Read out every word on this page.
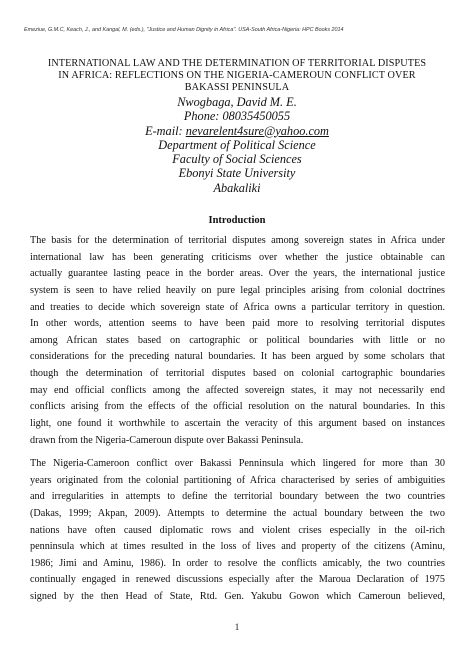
Emeziue, G.M.C, Keach, J., and Kangal, M. (eds.), "Justice and Human Dignity in Africa". USA-South Africa-Nigeria: HPC Books 2014
INTERNATIONAL LAW AND THE DETERMINATION OF TERRITORIAL DISPUTES
IN AFRICA: REFLECTIONS ON THE NIGERIA-CAMEROUN CONFLICT OVER
BAKASSI PENINSULA
Nwogbaga, David M. E.
Phone: 08035450055
E-mail: nevarelent4sure@yahoo.com
Department of Political Science
Faculty of Social Sciences
Ebonyi State University
Abakaliki
Introduction
The basis for the determination of territorial disputes among sovereign states in Africa under
international law has been generating criticisms over whether the justice obtainable can
actually guarantee lasting peace in the border areas. Over the years, the international justice
system is seen to have relied heavily on pure legal principles arising from colonial doctrines
and treaties to decide which sovereign state of Africa owns a particular territory in question.
In other words, attention seems to have been paid more to resolving territorial disputes
among African states based on cartographic or political boundaries with little or no
considerations for the preceding natural boundaries. It has been argued by some scholars that
though the determination of territorial disputes based on colonial cartographic boundaries
may end official conflicts among the affected sovereign states, it may not necessarily end
conflicts arising from the effects of the official resolution on the natural boundaries. In this
light, one found it worthwhile to ascertain the veracity of this argument based on instances
drawn from the Nigeria-Cameroun dispute over Bakassi Peninsula.
The Nigeria-Cameroon conflict over Bakassi Penninsula which lingered for more than 30
years originated from the colonial partitioning of Africa characterised by series of ambiguities
and irregularities in attempts to define the territorial boundary between the two countries
(Dakas, 1999; Akpan, 2009). Attempts to determine the actual boundary between the two
nations have often caused diplomatic rows and violent crises especially in the oil-rich
penninsula which at times resulted in the loss of lives and property of the citizens (Aminu,
1986; Jimi and Aminu, 1986). In order to resolve the conflicts amicably, the two countries
continually engaged in renewed discussions especially after the Maroua Declaration of 1975
signed by the then Head of State, Rtd. Gen. Yakubu Gowon which Cameroun believed,
1
